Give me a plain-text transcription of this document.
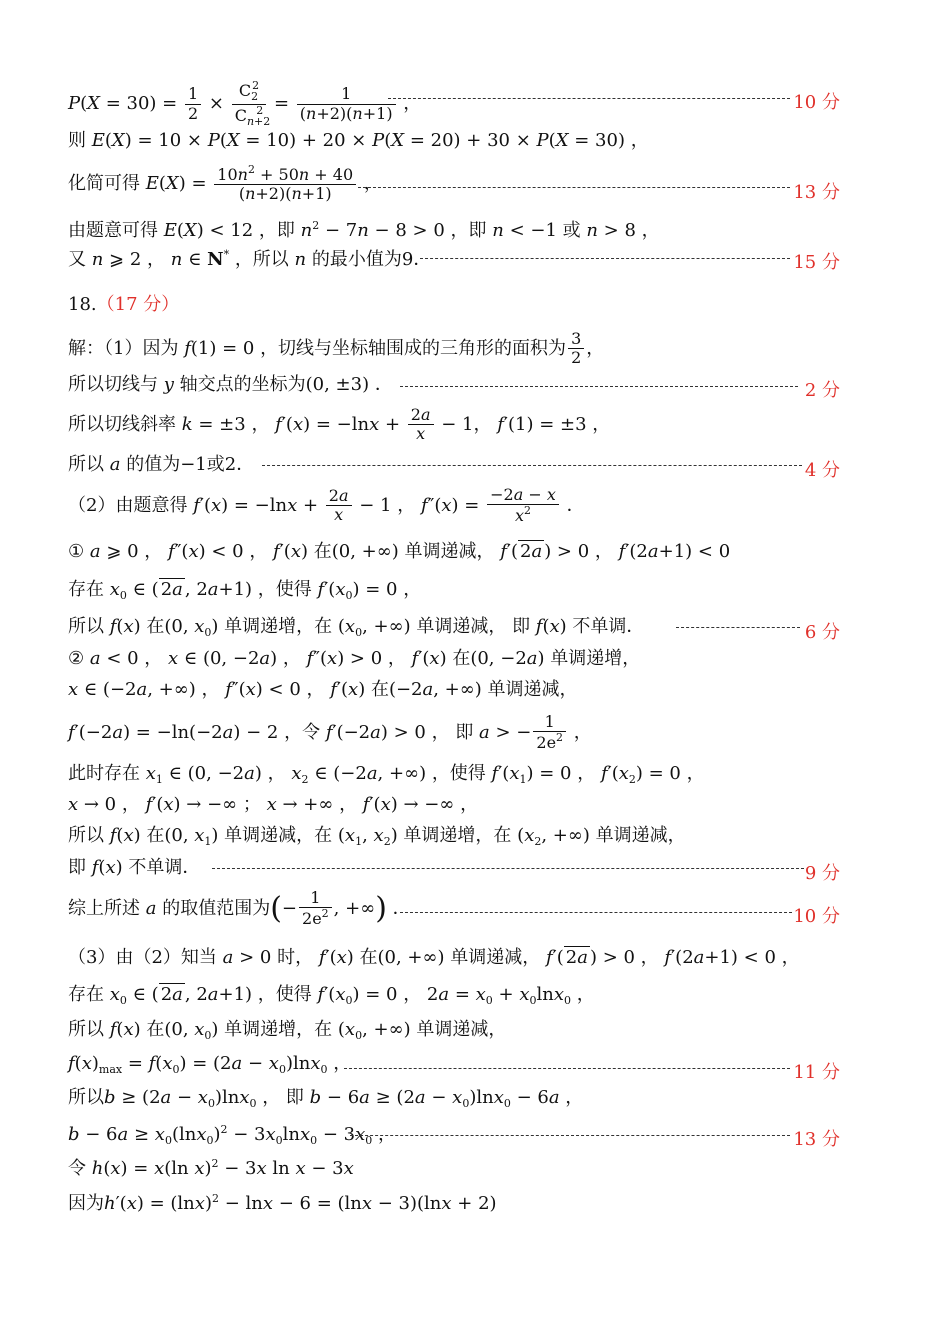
$P(X = 30) = \frac{1}{2} \times \frac{C_2^2}{C_{n+2}^2} = \frac{1}{(n+2)(n+1)}$ ，	10 分
则 E(X) = 10 × P(X = 10) + 20 × P(X = 20) + 30 × P(X = 30) ，
化简可得 $E(X) = \frac{10n^2 + 50n + 40}{(n+2)(n+1)}$ ，	13 分
由题意可得 E(X) < 12 ，即 $n^2 - 7n - 8 > 0$ ，即 n < −1 或 n > 8 ，
又 n ⩾ 2 ， n ∈ N* ，所以 n 的最小值为9．	15 分
18.（17 分）
解：（1）因为 f(1) = 0 ，切线与坐标轴围成的三角形的面积为 $\frac{3}{2}$ ，
所以切线与 y 轴交点的坐标为(0, ±3) ．	2 分
所以切线斜率 k = ±3 ， $f'(x) = -\ln x + \frac{2a}{x} - 1$， f′(1) = ±3 ，
所以 a 的值为−1或2．	4 分
（2）由题意得 $f'(x) = -\ln x + \frac{2a}{x} - 1$ ， $f''(x) = \frac{-2a - x}{x^2}$ ．
① a ⩾ 0 ， f″(x) < 0 ， f′(x) 在(0, +∞) 单调递减， f′( 2a ) > 0 ， f′(2a+1) < 0
存在 $x_0$ ∈ ( 2a , 2a+1) ，使得 $f'(x_0) = 0$ ，
所以 f(x) 在(0, $x_0$) 单调递增，在 ($x_0$, +∞) 单调递减， 即 f(x) 不单调．	6 分
② a < 0 ， x ∈ (0, −2a) ， f″(x) > 0 ， f′(x) 在(0, −2a) 单调递增，
x ∈ (−2a, +∞) ， f″(x) < 0 ， f′(x) 在(−2a, +∞) 单调递减，
f′(−2a) = −ln(−2a) − 2 ，令 f′(−2a) > 0 ， 即 a > − $\frac{1}{2e^2}$ ，
此时存在 $x_1$ ∈ (0, −2a) ， $x_2$ ∈ (−2a, +∞) ，使得 $f'(x_1) = 0$ ， $f'(x_2) = 0$ ，
x → 0 ， f′(x) → −∞ ； x → +∞ ， f′(x) → −∞ ，
所以 f(x) 在(0, $x_1$) 单调递减，在 ($x_1$, $x_2$) 单调递增，在 ($x_2$, +∞) 单调递减，
即 f(x) 不单调．	9 分
综上所述 a 的取值范围为(− $\frac{1}{2e^2}$ , +∞) ．	10 分
（3）由（2）知当 a > 0 时， f′(x) 在(0, +∞) 单调递减， f′( 2a ) > 0 ， f′(2a+1) < 0 ，
存在 $x_0$ ∈ ( 2a , 2a+1) ，使得 $f'(x_0) = 0$ ， $2a = x_0 + x_0\ln x_0$ ，
所以 f(x) 在(0, $x_0$) 单调递增，在 ($x_0$, +∞) 单调递减，
$f(x)_{max} = f(x_0) = (2a - x_0)\ln x_0$ ，	11 分
所以$b \ge (2a - x_0)\ln x_0$ ， 即 $b - 6a \ge (2a - x_0)\ln x_0 - 6a$ ，
$b - 6a \ge x_0(\ln x_0)^2 - 3x_0\ln x_0 - 3x_0$ ，	13 分
令 h(x) = x(ln x)$^2$ − 3x ln x − 3x
因为$h'(x) = (\ln x)^2 - \ln x - 6 = (\ln x - 3)(\ln x + 2)$
